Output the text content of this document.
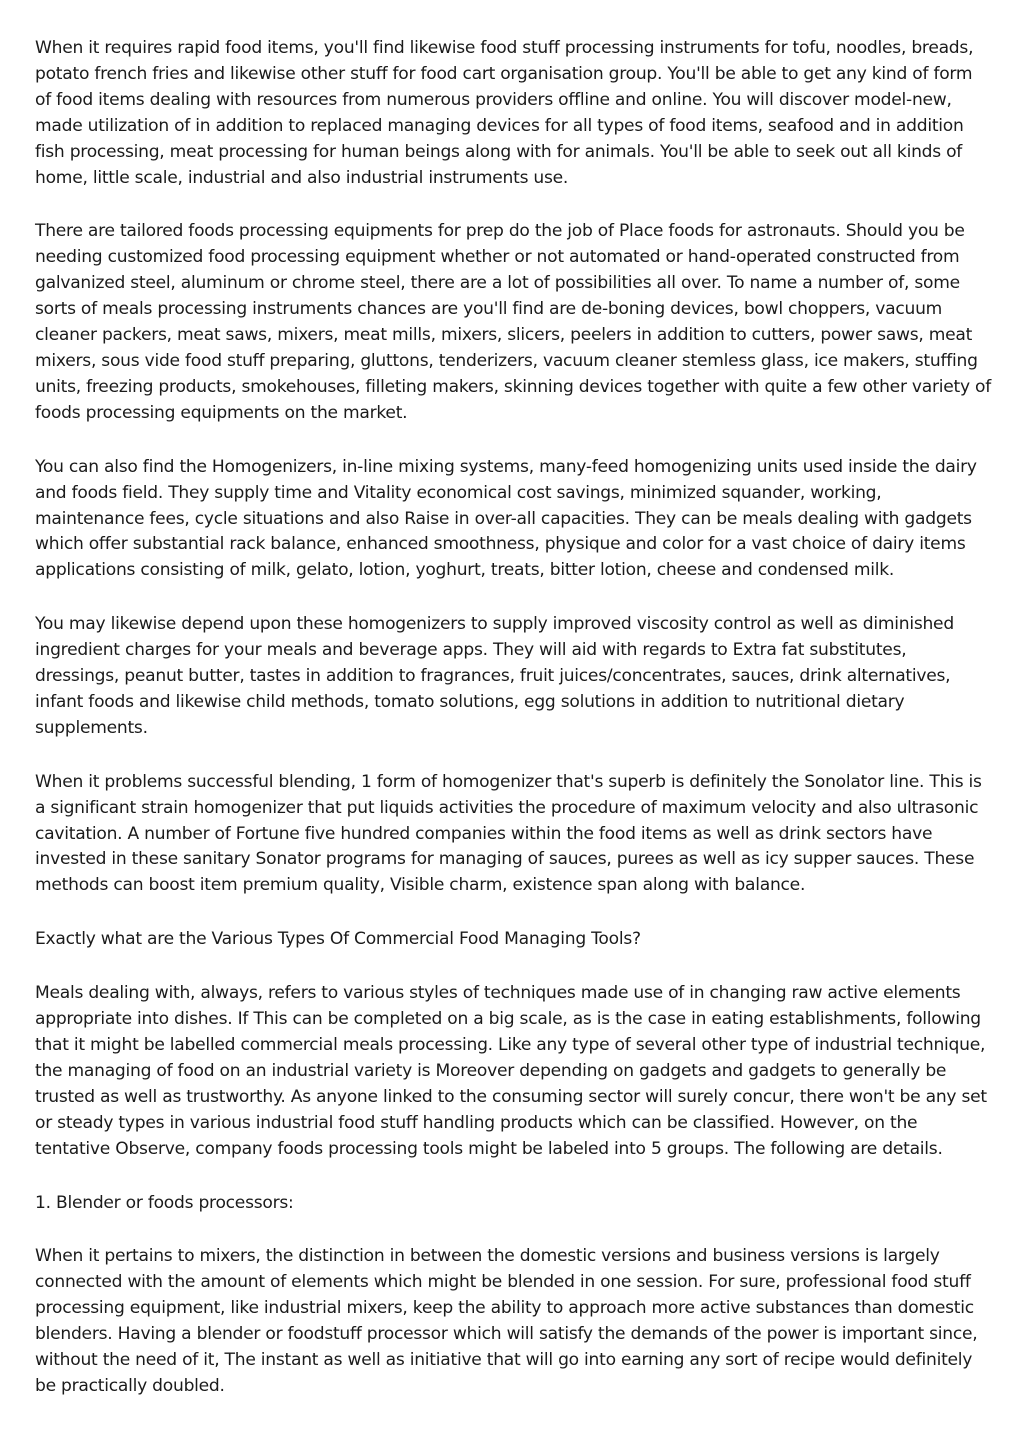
When it requires rapid food items, you'll find likewise food stuff processing instruments for tofu, noodles, breads, potato french fries and likewise other stuff for food cart organisation group. You'll be able to get any kind of form of food items dealing with resources from numerous providers offline and online. You will discover model-new, made utilization of in addition to replaced managing devices for all types of food items, seafood and in addition fish processing, meat processing for human beings along with for animals. You'll be able to seek out all kinds of home, little scale, industrial and also industrial instruments use.

There are tailored foods processing equipments for prep do the job of Place foods for astronauts. Should you be needing customized food processing equipment whether or not automated or hand-operated constructed from galvanized steel, aluminum or chrome steel, there are a lot of possibilities all over. To name a number of, some sorts of meals processing instruments chances are you'll find are de-boning devices, bowl choppers, vacuum cleaner packers, meat saws, mixers, meat mills, mixers, slicers, peelers in addition to cutters, power saws, meat mixers, sous vide food stuff preparing, gluttons, tenderizers, vacuum cleaner stemless glass, ice makers, stuffing units, freezing products, smokehouses, filleting makers, skinning devices together with quite a few other variety of foods processing equipments on the market.

You can also find the Homogenizers, in-line mixing systems, many-feed homogenizing units used inside the dairy and foods field. They supply time and Vitality economical cost savings, minimized squander, working, maintenance fees, cycle situations and also Raise in over-all capacities. They can be meals dealing with gadgets which offer substantial rack balance, enhanced smoothness, physique and color for a vast choice of dairy items applications consisting of milk, gelato, lotion, yoghurt, treats, bitter lotion, cheese and condensed milk.

You may likewise depend upon these homogenizers to supply improved viscosity control as well as diminished ingredient charges for your meals and beverage apps. They will aid with regards to Extra fat substitutes, dressings, peanut butter, tastes in addition to fragrances, fruit juices/concentrates, sauces, drink alternatives, infant foods and likewise child methods, tomato solutions, egg solutions in addition to nutritional dietary supplements.

When it problems successful blending, 1 form of homogenizer that's superb is definitely the Sonolator line. This is a significant strain homogenizer that put liquids activities the procedure of maximum velocity and also ultrasonic cavitation. A number of Fortune five hundred companies within the food items as well as drink sectors have invested in these sanitary Sonator programs for managing of sauces, purees as well as icy supper sauces. These methods can boost item premium quality, Visible charm, existence span along with balance.

Exactly what are the Various Types Of Commercial Food Managing Tools?

Meals dealing with, always, refers to various styles of techniques made use of in changing raw active elements appropriate into dishes. If This can be completed on a big scale, as is the case in eating establishments, following that it might be labelled commercial meals processing. Like any type of several other type of industrial technique, the managing of food on an industrial variety is Moreover depending on gadgets and gadgets to generally be trusted as well as trustworthy. As anyone linked to the consuming sector will surely concur, there won't be any set or steady types in various industrial food stuff handling products which can be classified. However, on the tentative Observe, company foods processing tools might be labeled into 5 groups. The following are details.

1. Blender or foods processors:

When it pertains to mixers, the distinction in between the domestic versions and business versions is largely connected with the amount of elements which might be blended in one session. For sure, professional food stuff processing equipment, like industrial mixers, keep the ability to approach more active substances than domestic blenders. Having a blender or foodstuff processor which will satisfy the demands of the power is important since, without the need of it, The instant as well as initiative that will go into earning any sort of recipe would definitely be practically doubled.
